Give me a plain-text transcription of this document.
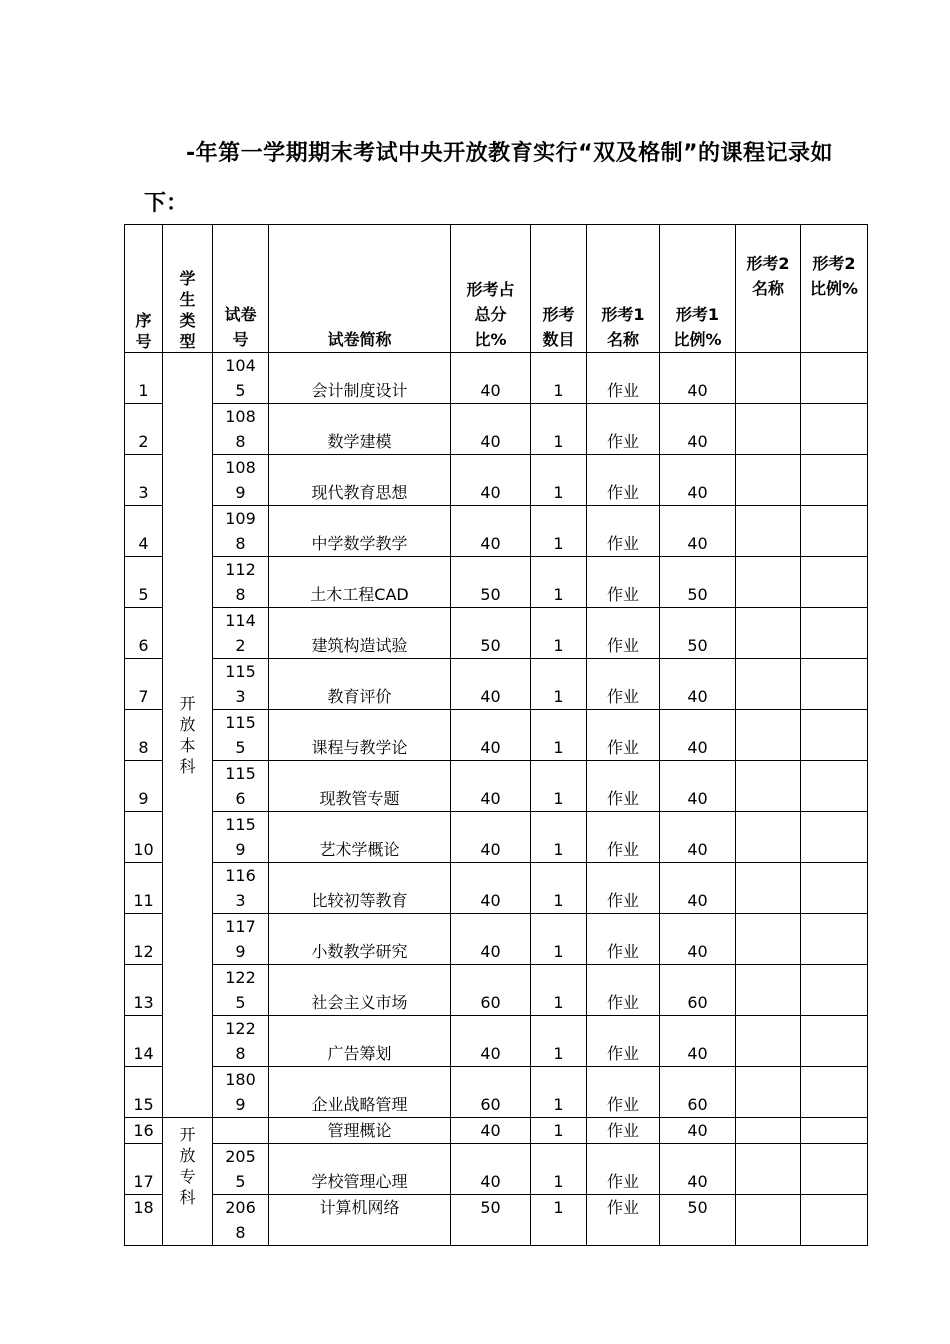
-年第一学期期末考试中央开放教育实行“双及格制”的课程记录如
下：
序号	学生类型	试卷号	试卷简称	形考占总分比%	形考数目	形考1名称	形考1比例%	形考2名称	形考2比例%

1	开放本科	1045	会计制度设计	40	1	作业	40		
2		1088	数学建模	40	1	作业	40		
3		1089	现代教育思想	40	1	作业	40		
4		1098	中学数学教学	40	1	作业	40		
5		1128	土木工程CAD	50	1	作业	50		
6		1142	建筑构造试验	50	1	作业	50		
7		1153	教育评价	40	1	作业	40		
8		1155	课程与教学论	40	1	作业	40		
9		1156	现教管专题	40	1	作业	40		
10		1159	艺术学概论	40	1	作业	40		
11		1163	比较初等教育	40	1	作业	40		
12		1179	小数教学研究	40	1	作业	40		
13		1225	社会主义市场	60	1	作业	60		
14		1228	广告筹划	40	1	作业	40		
15		1809	企业战略管理	60	1	作业	60		
16	开放专科		管理概论	40	1	作业	40		
17		2055	学校管理心理	40	1	作业	40		
18		2068	计算机网络	50	1	作业	50		
